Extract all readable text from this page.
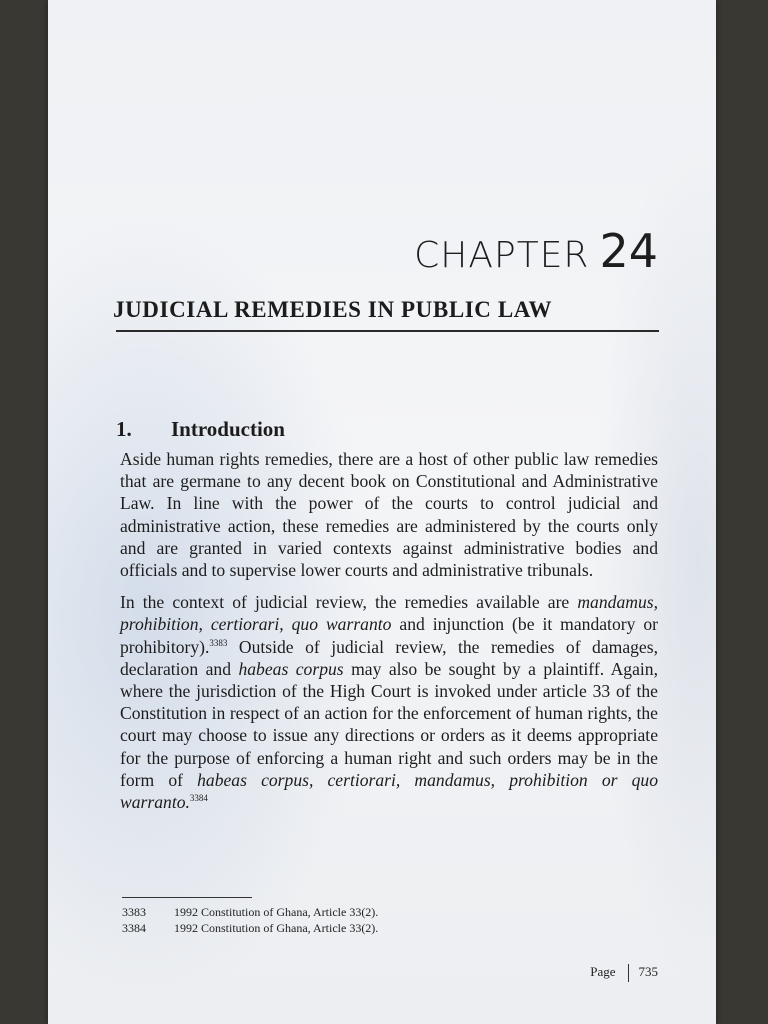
CHAPTER 24
JUDICIAL REMEDIES IN PUBLIC LAW
1. Introduction

Aside human rights remedies, there are a host of other public law remedies that are germane to any decent book on Constitutional and Administrative Law. In line with the power of the courts to control judicial and administrative action, these remedies are administered by the courts only and are granted in varied contexts against administrative bodies and officials and to supervise lower courts and administrative tribunals.

In the context of judicial review, the remedies available are mandamus, prohibition, certiorari, quo warranto and injunction (be it mandatory or prohibitory).$^{3383}$ Outside of judicial review, the remedies of damages, declaration and habeas corpus may also be sought by a plaintiff. Again, where the jurisdiction of the High Court is invoked under article 33 of the Constitution in respect of an action for the enforcement of human rights, the court may choose to issue any directions or orders as it deems appropriate for the purpose of enforcing a human right and such orders may be in the form of habeas corpus, certiorari, mandamus, prohibition or quo warranto.$^{3384}$

3383 1992 Constitution of Ghana, Article 33(2).
3384 1992 Constitution of Ghana, Article 33(2).
Page 735
